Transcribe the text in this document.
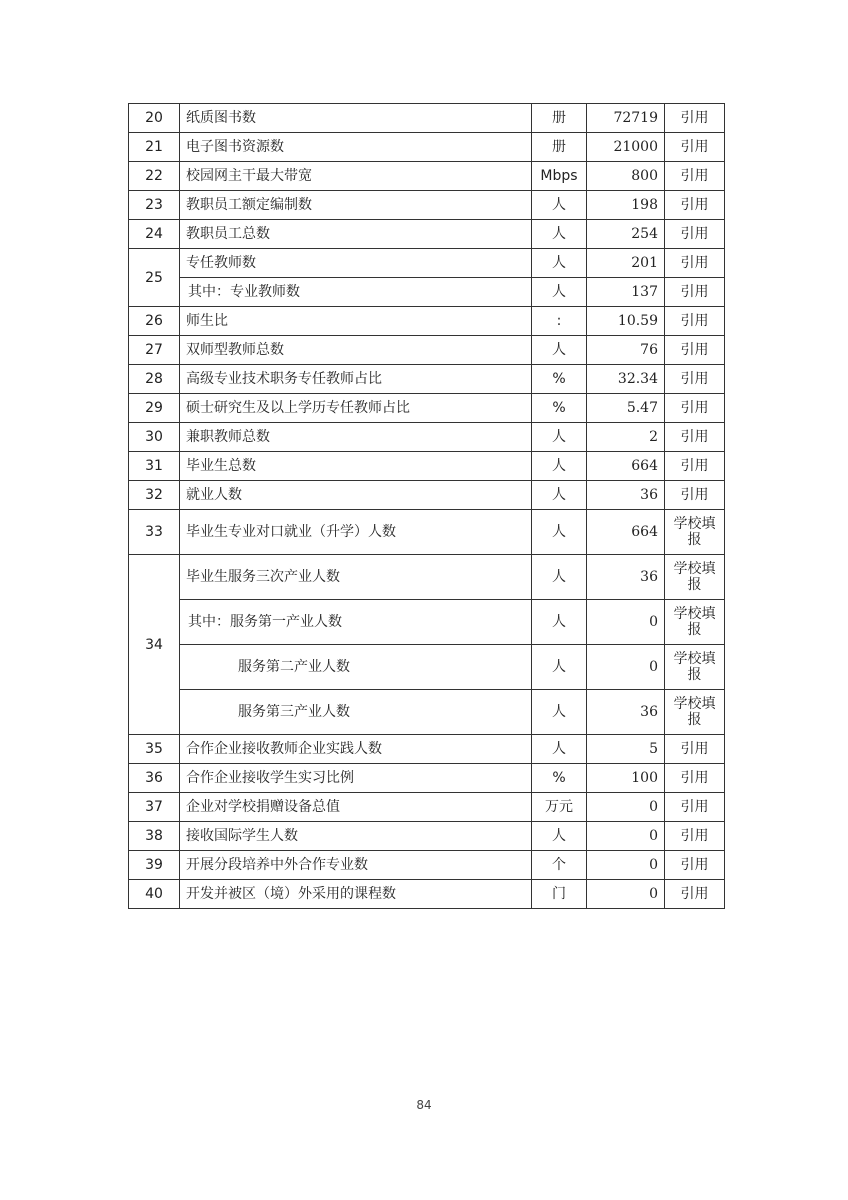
20	纸质图书数	册	72719	引用
21	电子图书资源数	册	21000	引用
22	校园网主干最大带宽	Mbps	800	引用
23	教职员工额定编制数	人	198	引用
24	教职员工总数	人	254	引用
25	专任教师数	人	201	引用
	其中：专业教师数	人	137	引用
26	师生比	:	10.59	引用
27	双师型教师总数	人	76	引用
28	高级专业技术职务专任教师占比	%	32.34	引用
29	硕士研究生及以上学历专任教师占比	%	5.47	引用
30	兼职教师总数	人	2	引用
31	毕业生总数	人	664	引用
32	就业人数	人	36	引用
33	毕业生专业对口就业（升学）人数	人	664	学校填报
34	毕业生服务三次产业人数	人	36	学校填报
	其中：服务第一产业人数	人	0	学校填报
	服务第二产业人数	人	0	学校填报
	服务第三产业人数	人	36	学校填报
35	合作企业接收教师企业实践人数	人	5	引用
36	合作企业接收学生实习比例	%	100	引用
37	企业对学校捐赠设备总值	万元	0	引用
38	接收国际学生人数	人	0	引用
39	开展分段培养中外合作专业数	个	0	引用
40	开发并被区（境）外采用的课程数	门	0	引用
84
